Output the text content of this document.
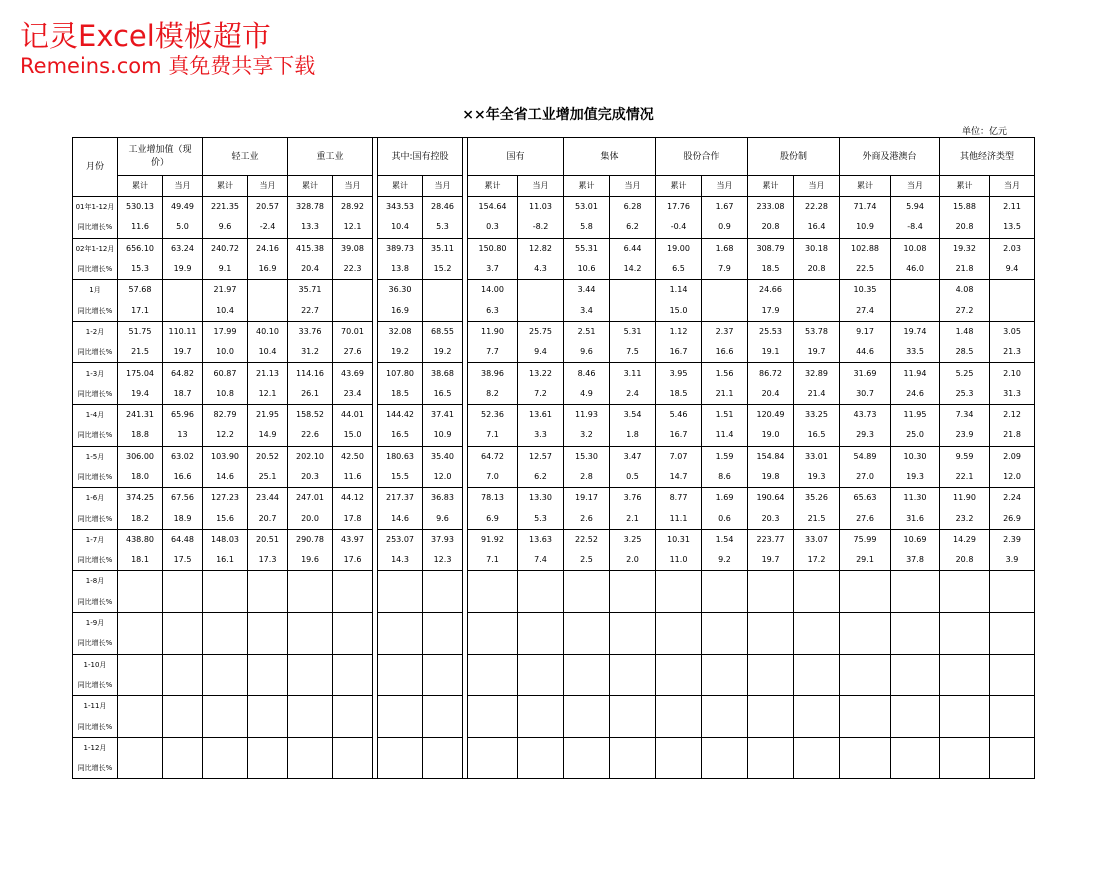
记灵Excel模板超市
Remeins.com 真免费共享下载
××年全省工业增加值完成情况
单位：亿元
月份	工业增加值（现价）		轻工业		重工业			其中:国有控股			国有		集体		股份合作		股份制		外商及港澳台		其他经济类型	
	累计	当月	累计	当月	累计	当月		累计	当月		累计	当月	累计	当月	累计	当月	累计	当月	累计	当月	累计	当月
01年1-12月	530.13	49.49	221.35	20.57	328.78	28.92		343.53	28.46		154.64	11.03	53.01	6.28	17.76	1.67	233.08	22.28	71.74	5.94	15.88	2.11
同比增长%	11.6	5.0	9.6	-2.4	13.3	12.1		10.4	5.3		0.3	-8.2	5.8	6.2	-0.4	0.9	20.8	16.4	10.9	-8.4	20.8	13.5
02年1-12月	656.10	63.24	240.72	24.16	415.38	39.08		389.73	35.11		150.80	12.82	55.31	6.44	19.00	1.68	308.79	30.18	102.88	10.08	19.32	2.03
同比增长%	15.3	19.9	9.1	16.9	20.4	22.3		13.8	15.2		3.7	4.3	10.6	14.2	6.5	7.9	18.5	20.8	22.5	46.0	21.8	9.4
1月	57.68		21.97		35.71			36.30			14.00		3.44		1.14		24.66		10.35		4.08	
同比增长%	17.1		10.4		22.7			16.9			6.3		3.4		15.0		17.9		27.4		27.2	
1-2月	51.75	110.11	17.99	40.10	33.76	70.01		32.08	68.55		11.90	25.75	2.51	5.31	1.12	2.37	25.53	53.78	9.17	19.74	1.48	3.05
同比增长%	21.5	19.7	10.0	10.4	31.2	27.6		19.2	19.2		7.7	9.4	9.6	7.5	16.7	16.6	19.1	19.7	44.6	33.5	28.5	21.3
1-3月	175.04	64.82	60.87	21.13	114.16	43.69		107.80	38.68		38.96	13.22	8.46	3.11	3.95	1.56	86.72	32.89	31.69	11.94	5.25	2.10
同比增长%	19.4	18.7	10.8	12.1	26.1	23.4		18.5	16.5		8.2	7.2	4.9	2.4	18.5	21.1	20.4	21.4	30.7	24.6	25.3	31.3
1-4月	241.31	65.96	82.79	21.95	158.52	44.01		144.42	37.41		52.36	13.61	11.93	3.54	5.46	1.51	120.49	33.25	43.73	11.95	7.34	2.12
同比增长%	18.8	13	12.2	14.9	22.6	15.0		16.5	10.9		7.1	3.3	3.2	1.8	16.7	11.4	19.0	16.5	29.3	25.0	23.9	21.8
1-5月	306.00	63.02	103.90	20.52	202.10	42.50		180.63	35.40		64.72	12.57	15.30	3.47	7.07	1.59	154.84	33.01	54.89	10.30	9.59	2.09
同比增长%	18.0	16.6	14.6	25.1	20.3	11.6		15.5	12.0		7.0	6.2	2.8	0.5	14.7	8.6	19.8	19.3	27.0	19.3	22.1	12.0
1-6月	374.25	67.56	127.23	23.44	247.01	44.12		217.37	36.83		78.13	13.30	19.17	3.76	8.77	1.69	190.64	35.26	65.63	11.30	11.90	2.24
同比增长%	18.2	18.9	15.6	20.7	20.0	17.8		14.6	9.6		6.9	5.3	2.6	2.1	11.1	0.6	20.3	21.5	27.6	31.6	23.2	26.9
1-7月	438.80	64.48	148.03	20.51	290.78	43.97		253.07	37.93		91.92	13.63	22.52	3.25	10.31	1.54	223.77	33.07	75.99	10.69	14.29	2.39
同比增长%	18.1	17.5	16.1	17.3	19.6	17.6		14.3	12.3		7.1	7.4	2.5	2.0	11.0	9.2	19.7	17.2	29.1	37.8	20.8	3.9
1-8月																						
同比增长%																						
1-9月																						
同比增长%																						
1-10月																						
同比增长%																						
1-11月																						
同比增长%																						
1-12月																						
同比增长%																						
